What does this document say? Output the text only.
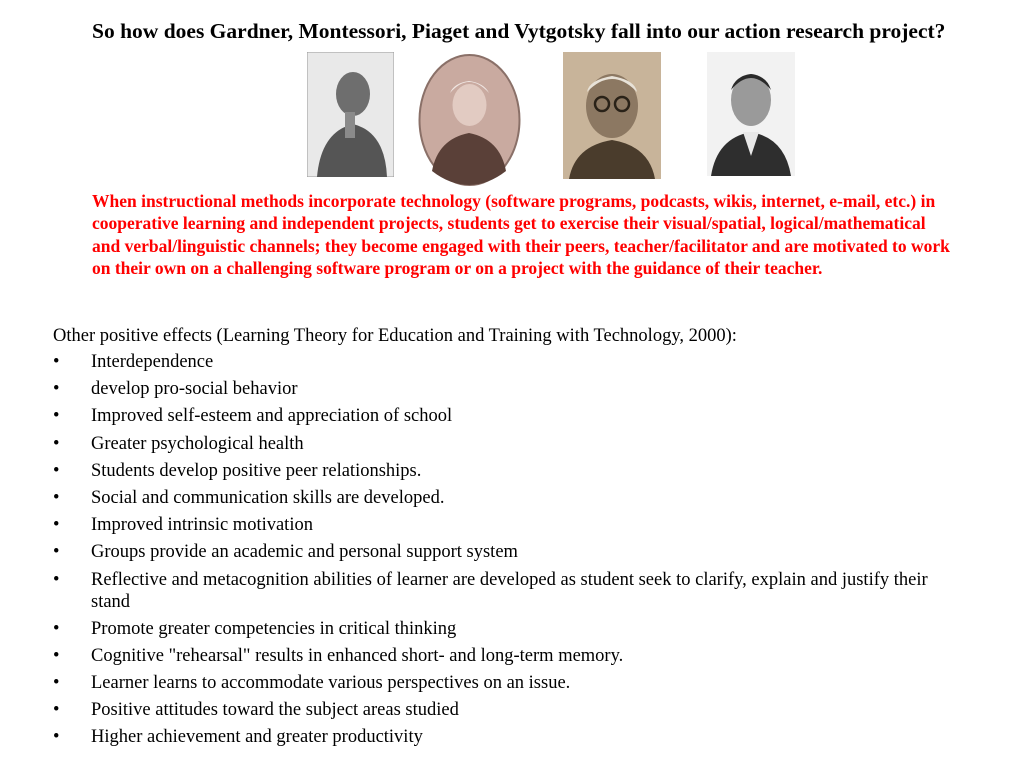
So how does Gardner, Montessori, Piaget and Vytgotsky fall into our action research project?

When instructional methods incorporate technology (software programs, podcasts, wikis, internet, e-mail, etc.) in cooperative learning and independent projects, students get to exercise their visual/spatial, logical/mathematical and verbal/linguistic channels; they become engaged with their peers, teacher/facilitator and are motivated to work on their own on a challenging software program or on a project with the guidance of their teacher.

Other positive effects (Learning Theory for Education and Training with Technology, 2000):

• Interdependence
• develop pro-social behavior
• Improved self-esteem and appreciation of school
• Greater psychological health
• Students develop positive peer relationships.
• Social and communication skills are developed.
• Improved intrinsic motivation
• Groups provide an academic and personal support system
• Reflective and metacognition abilities of learner are developed as student seek to clarify, explain and justify their stand
• Promote greater competencies in critical thinking
• Cognitive "rehearsal" results in enhanced short- and long-term memory.
• Learner learns to accommodate various perspectives on an issue.
• Positive attitudes toward the subject areas studied
• Higher achievement and greater productivity
